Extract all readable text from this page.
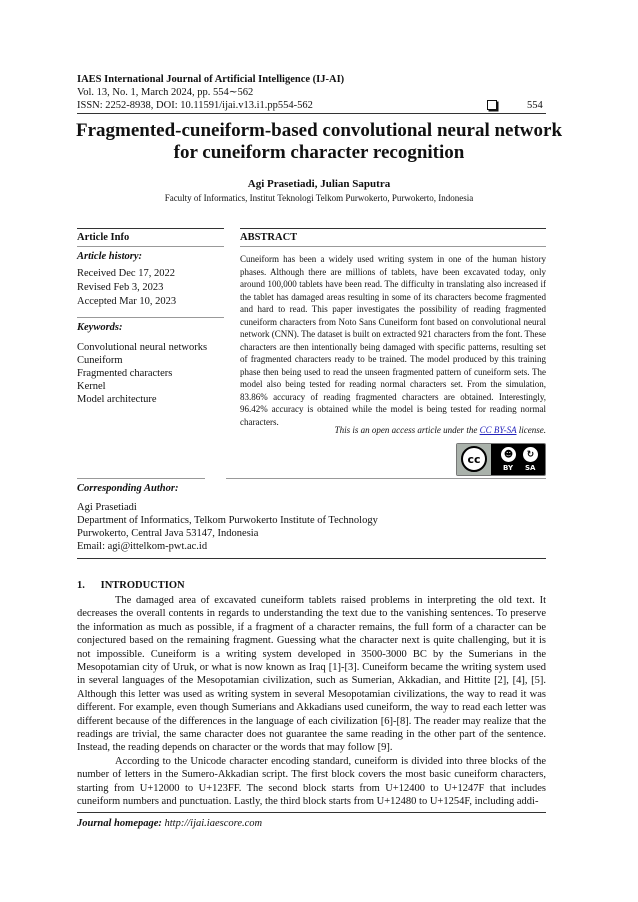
IAES International Journal of Artificial Intelligence (IJ-AI)
Vol. 13, No. 1, March 2024, pp. 554∼562
ISSN: 2252-8938, DOI: 10.11591/ijai.v13.i1.pp554-562	554
Fragmented-cuneiform-based convolutional neural network
for cuneiform character recognition
Agi Prasetiadi, Julian Saputra
Faculty of Informatics, Institut Teknologi Telkom Purwokerto, Purwokerto, Indonesia
Article Info
Article history:
Received Dec 17, 2022
Revised Feb 3, 2023
Accepted Mar 10, 2023
Keywords:
Convolutional neural networks
Cuneiform
Fragmented characters
Kernel
Model architecture
ABSTRACT
Cuneiform has been a widely used writing system in one of the human history phases. Although there are millions of tablets, have been excavated today, only around 100,000 tablets have been read. The difficulty in translating also increased if the tablet has damaged areas resulting in some of its characters become fragmented and hard to read. This paper investigates the possibility of reading fragmented cuneiform characters from Noto Sans Cuneiform font based on convolutional neural network (CNN). The dataset is built on extracted 921 characters from the font. These characters are then intentionally being damaged with specific patterns, resulting set of fragmented characters ready to be trained. The model produced by this training phase then being used to read the unseen fragmented pattern of cuneiform sets. The model also being tested for reading normal characters set. From the simulation, 83.86% accuracy of reading fragmented characters are obtained. Interestingly, 96.42% accuracy is obtained while the model is being tested for reading normal characters.
This is an open access article under the CC BY-SA license.
cc	☻	↻
BY SA
Corresponding Author:
Agi Prasetiadi
Department of Informatics, Telkom Purwokerto Institute of Technology
Purwokerto, Central Java 53147, Indonesia
Email: agi@ittelkom-pwt.ac.id
1.      INTRODUCTION

The damaged area of excavated cuneiform tablets raised problems in interpreting the old text. It decreases the overall contents in regards to understanding the text due to the vanishing sentences. To preserve the information as much as possible, if a fragment of a character remains, the full form of a character can be conjectured based on the remaining fragment. Guessing what the character next is quite challenging, but it is not impossible. Cuneiform is a writing system developed in 3500-3000 BC by the Sumerians in the Mesopotamian city of Uruk, or what is now known as Iraq [1]-[3]. Cuneiform became the writing system used in several languages of the Mesopotamian civilization, such as Sumerian, Akkadian, and Hittite [2], [4], [5]. Although this letter was used as writing system in several Mesopotamian civilizations, the way to read it was different. For example, even though Sumerians and Akkadians used cuneiform, the way to read each letter was different because of the differences in the language of each civilization [6]-[8]. The reader may realize that the readings are trivial, the same character does not guarantee the same reading in the other part of the sentence. Instead, the reading depends on character or the words that may follow [9].

According to the Unicode character encoding standard, cuneiform is divided into three blocks of the number of letters in the Sumero-Akkadian script. The first block covers the most basic cuneiform characters, starting from U+12000 to U+123FF. The second block starts from U+12400 to U+1247F that includes cuneiform numbers and punctuation. Lastly, the third block starts from U+12480 to U+1254F, including addi-

Journal homepage: http://ijai.iaescore.com
